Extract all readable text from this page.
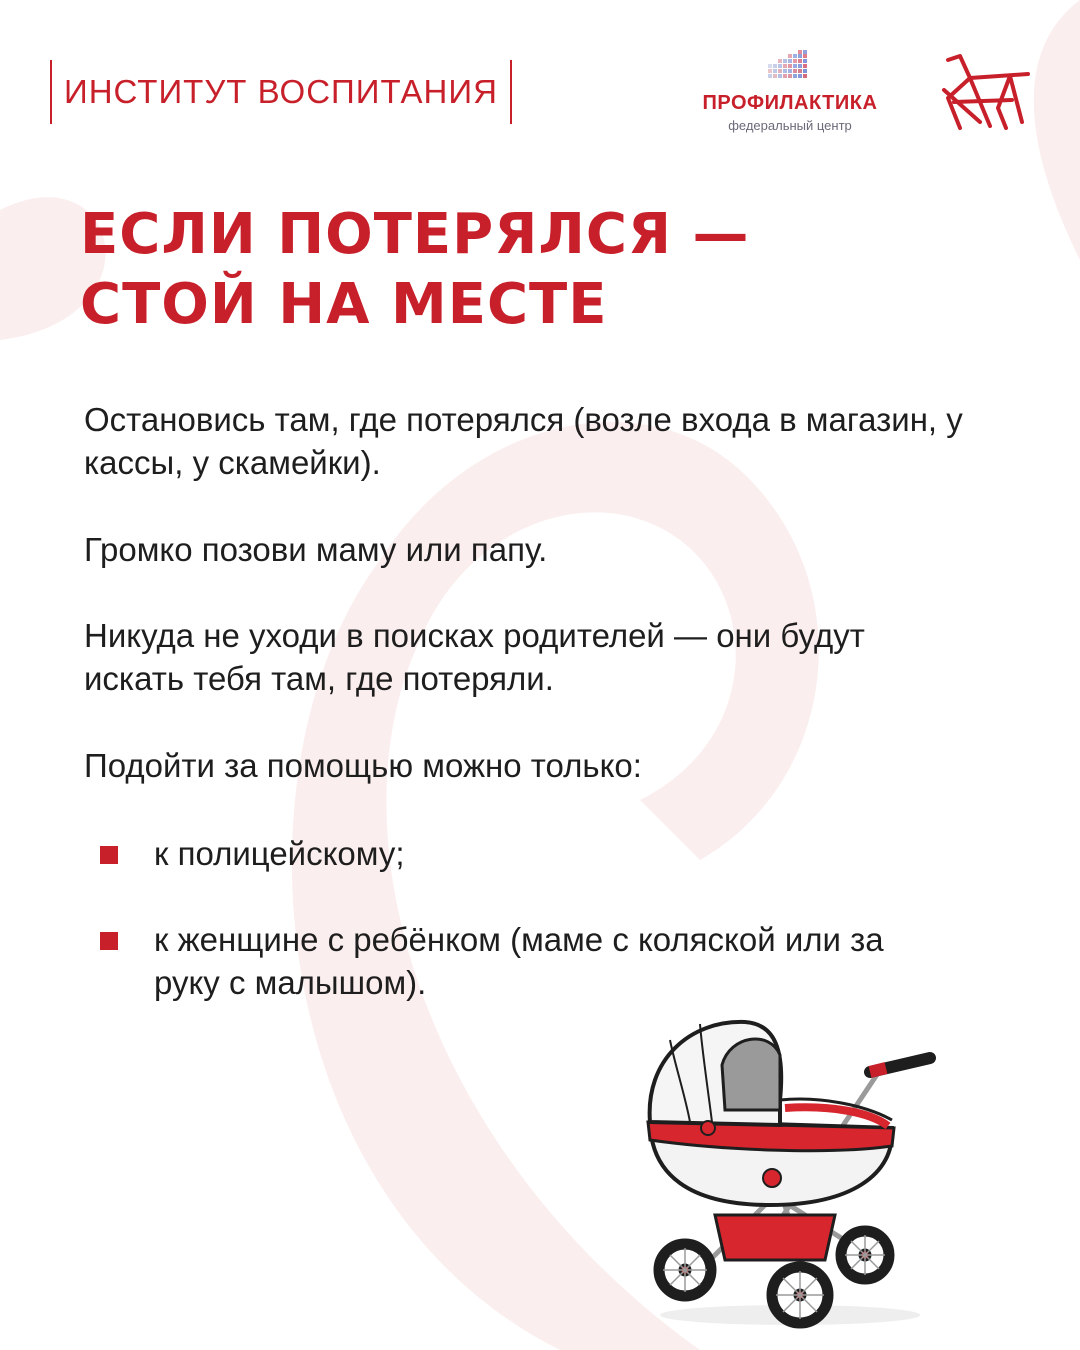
ИНСТИТУТ ВОСПИТАНИЯ	ПРОФИЛАКТИКА
федеральный центр
ЕСЛИ ПОТЕРЯЛСЯ —
СТОЙ НА МЕСТЕ

Остановись там, где потерялся (возле входа в магазин, у кассы, у скамейки).

Громко позови маму или папу.

Никуда не уходи в поисках родителей — они будут искать тебя там, где потеряли.

Подойти за помощью можно только:

к полицейскому;

к женщине с ребёнком (маме с коляской или за руку с малышом).
